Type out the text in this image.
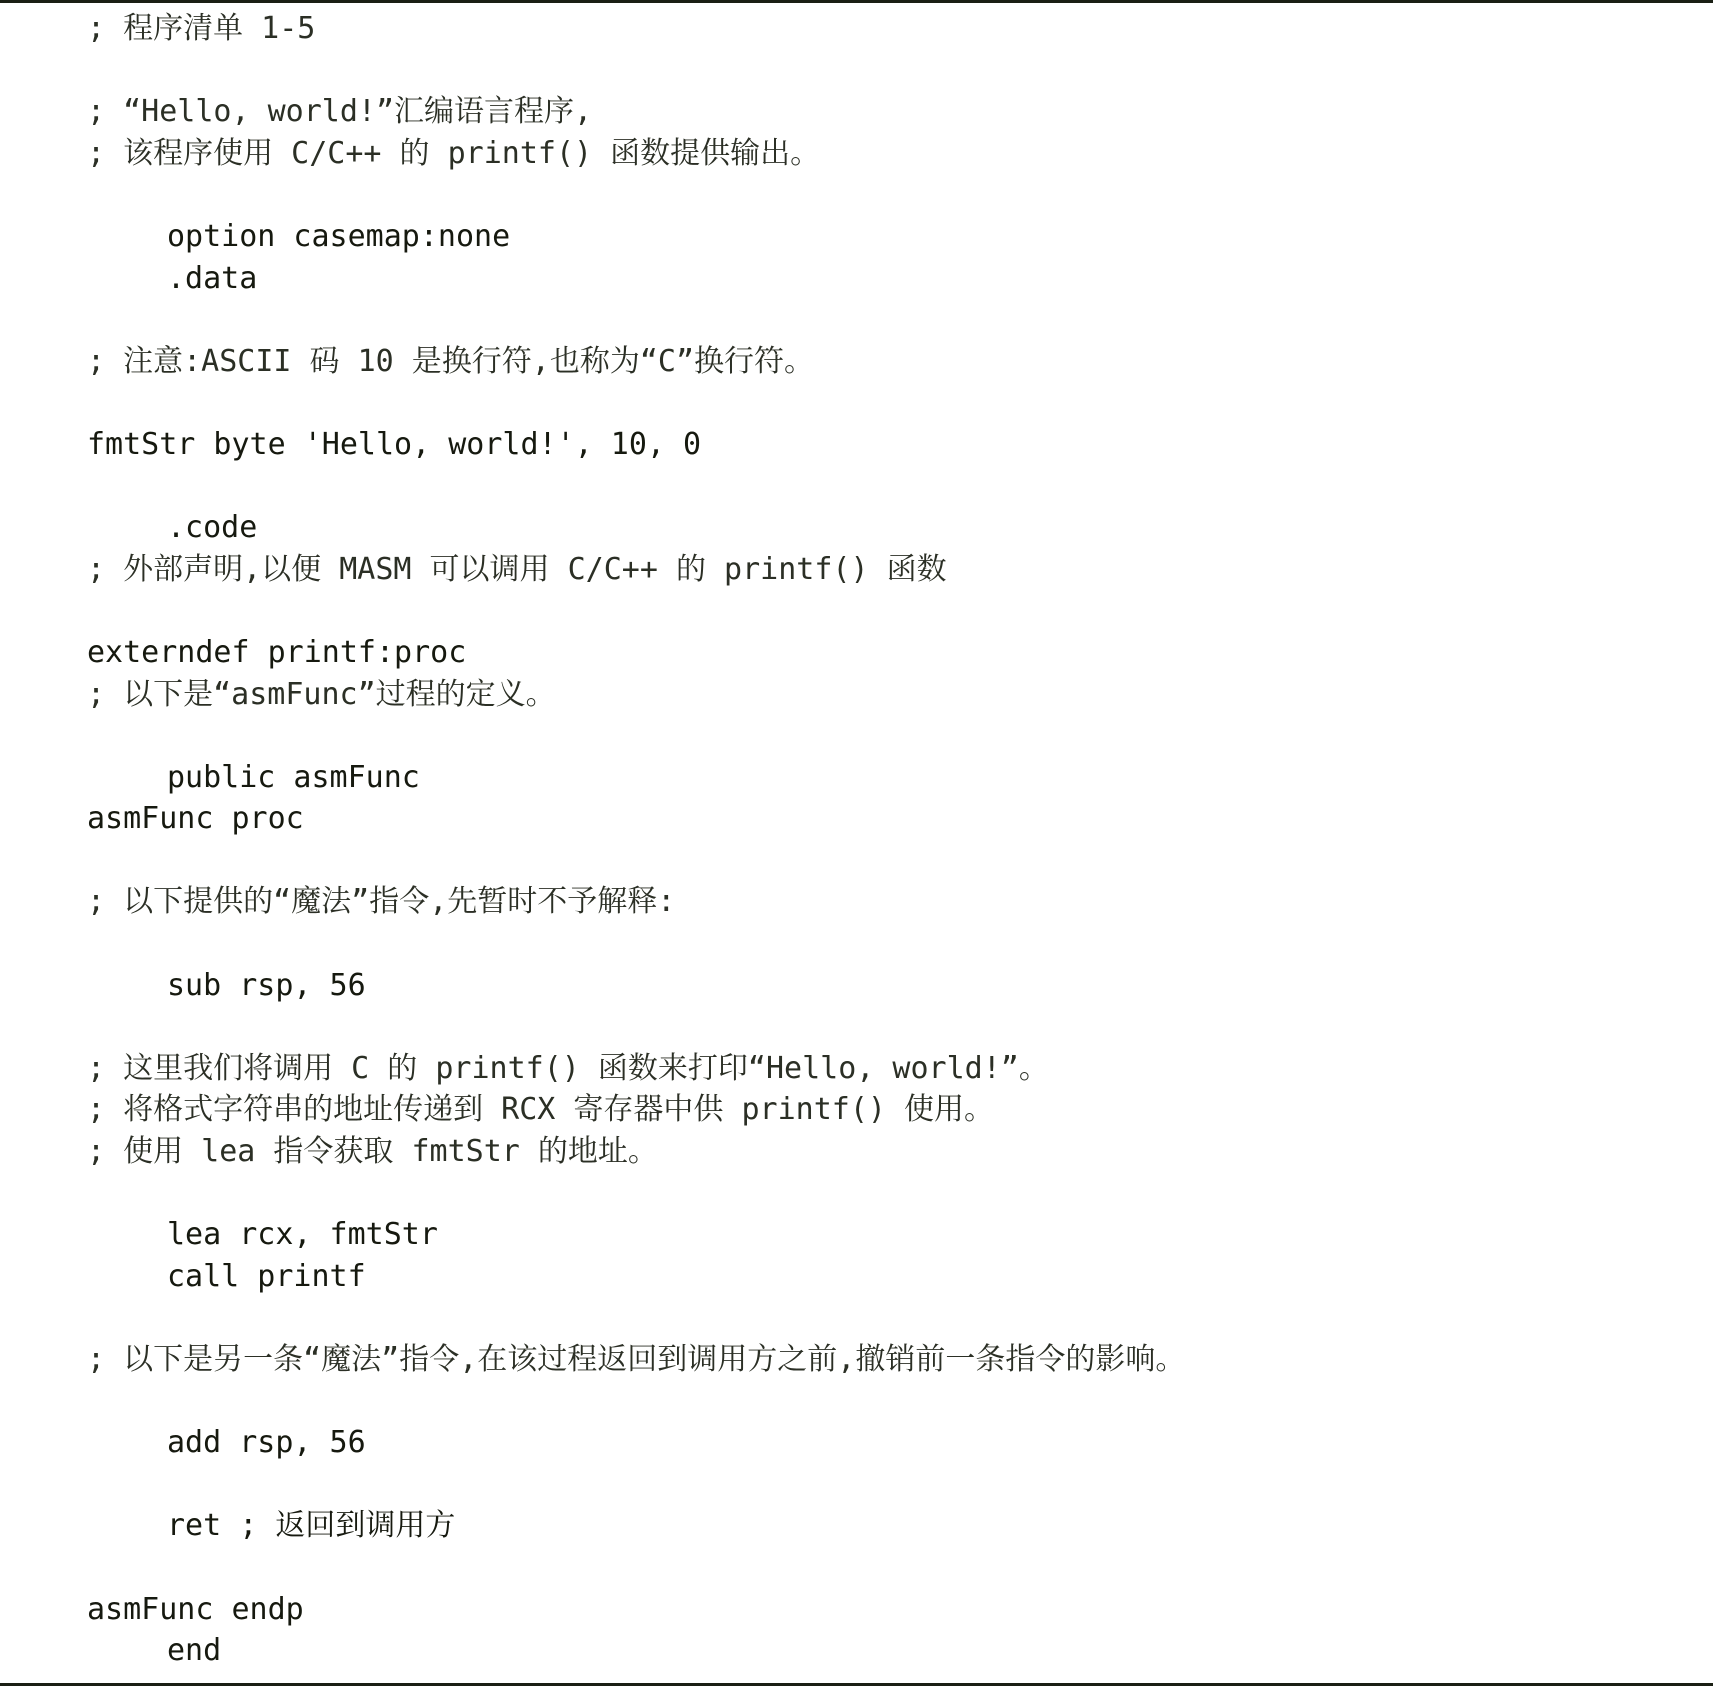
; 程序清单 1-5
; “Hello, world!”汇编语言程序,
; 该程序使用 C/C++ 的 printf() 函数提供输出。
option casemap:none
.data
; 注意:ASCII 码 10 是换行符,也称为“C”换行符。
fmtStr byte 'Hello, world!', 10, 0
.code
; 外部声明,以便 MASM 可以调用 C/C++ 的 printf() 函数
externdef printf:proc
; 以下是“asmFunc”过程的定义。
public asmFunc
asmFunc proc
; 以下提供的“魔法”指令,先暂时不予解释:
sub rsp, 56
; 这里我们将调用 C 的 printf() 函数来打印“Hello, world!”。
; 将格式字符串的地址传递到 RCX 寄存器中供 printf() 使用。
; 使用 lea 指令获取 fmtStr 的地址。
lea rcx, fmtStr
call printf
; 以下是另一条“魔法”指令,在该过程返回到调用方之前,撤销前一条指令的影响。
add rsp, 56
ret ; 返回到调用方
asmFunc endp
end
